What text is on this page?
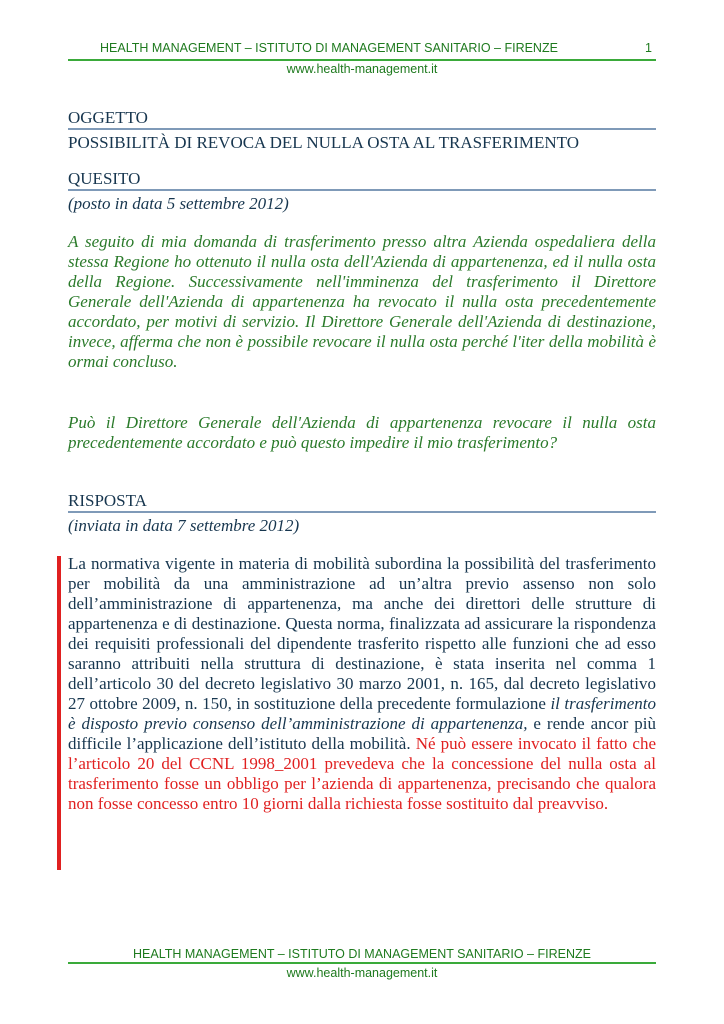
HEALTH MANAGEMENT – ISTITUTO DI MANAGEMENT SANITARIO – FIRENZE	1
www.health-management.it
OGGETTO
POSSIBILITÀ DI REVOCA DEL NULLA OSTA AL TRASFERIMENTO
QUESITO
(posto in data 5 settembre 2012)

A seguito di mia domanda di trasferimento presso altra Azienda ospedaliera della stessa Regione ho ottenuto il nulla osta dell'Azienda di appartenenza, ed il nulla osta della Regione. Successivamente nell'imminenza del trasferimento il Direttore Generale dell'Azienda di appartenenza ha revocato il nulla osta precedentemente accordato, per motivi di servizio. Il Direttore Generale dell'Azienda di destinazione, invece, afferma che non è possibile revocare il nulla osta perché l'iter della mobilità è ormai concluso.

Può il Direttore Generale dell'Azienda di appartenenza revocare il nulla osta precedentemente accordato e può questo impedire il mio trasferimento?

RISPOSTA
(inviata in data 7 settembre 2012)
La normativa vigente in materia di mobilità subordina la possibilità del trasferimento per mobilità da una amministrazione ad un’altra previo assenso non solo dell’amministrazione di appartenenza, ma anche dei direttori delle strutture di appartenenza e di destinazione. Questa norma, finalizzata ad assicurare la rispondenza dei requisiti professionali del dipendente trasferito rispetto alle funzioni che ad esso saranno attribuiti nella struttura di destinazione, è stata inserita nel comma 1 dell’articolo 30 del decreto legislativo 30 marzo 2001, n. 165, dal decreto legislativo 27 ottobre 2009, n. 150, in sostituzione della precedente formulazione il trasferimento è disposto previo consenso dell’amministrazione di appartenenza, e rende ancor più difficile l’applicazione dell’istituto della mobilità. Né può essere invocato il fatto che l’articolo 20 del CCNL 1998_2001 prevedeva che la concessione del nulla osta al trasferimento fosse un obbligo per l’azienda di appartenenza, precisando che qualora non fosse concesso entro 10 giorni dalla richiesta fosse sostituito dal preavviso.
HEALTH MANAGEMENT – ISTITUTO DI MANAGEMENT SANITARIO – FIRENZE
www.health-management.it
